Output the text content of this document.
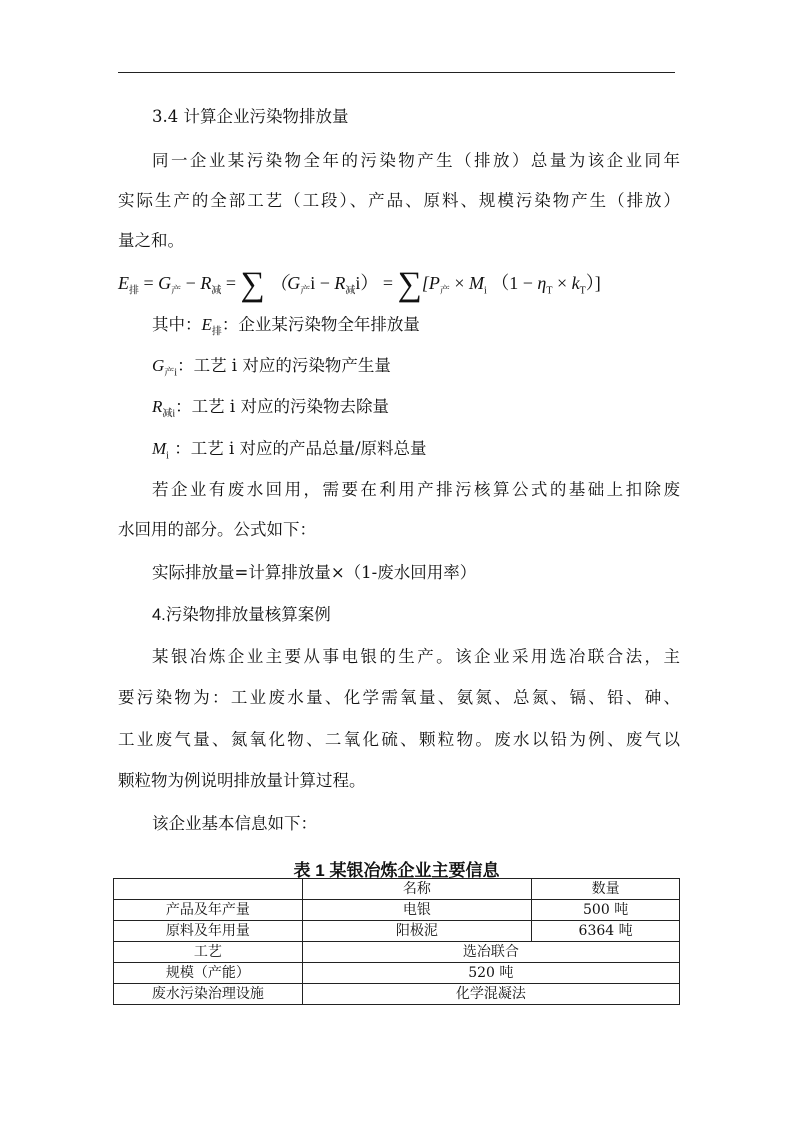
3.4 计算企业污染物排放量
同一企业某污染物全年的污染物产生（排放）总量为该企业同年
实际生产的全部工艺（工段）、产品、原料、规模污染物产生（排放）
量之和。
$E_排 = G_产 - R_减$ = ∑ $(G_产i - R_减i) = \sum[P_产 \times M_i$ $(1 - \eta_T \times k_T)$]
其中：$E_排$：企业某污染物全年排放量
$G_{产i}$：工艺 i 对应的污染物产生量
$R_{减i}$：工艺 i 对应的污染物去除量
$M_i$ ：工艺 i 对应的产品总量/原料总量
若企业有废水回用，需要在利用产排污核算公式的基础上扣除废
水回用的部分。公式如下：
实际排放量=计算排放量×（1-废水回用率）
4.污染物排放量核算案例
某银冶炼企业主要从事电银的生产。该企业采用选冶联合法，主
要污染物为：工业废水量、化学需氧量、氨氮、总氮、镉、铅、砷、
工业废气量、氮氧化物、二氧化硫、颗粒物。废水以铅为例、废气以
颗粒物为例说明排放量计算过程。
该企业基本信息如下：
表 1 某银冶炼企业主要信息
	名称	数量
产品及年产量	电银	500 吨
原料及年用量	阳极泥	6364 吨
工艺	选冶联合	
规模（产能）	520 吨	
废水污染治理设施	化学混凝法	
